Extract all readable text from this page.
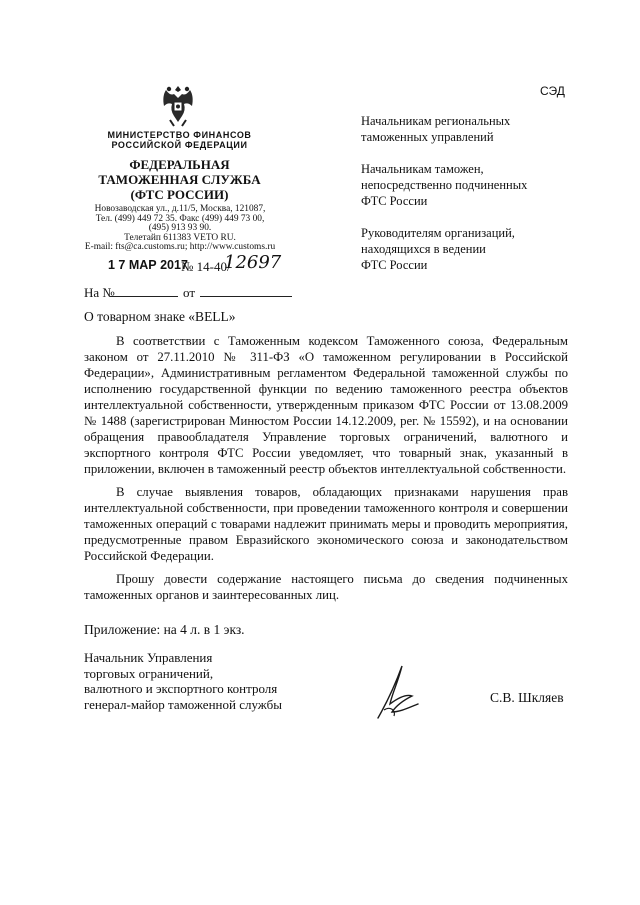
МИНИСТЕРСТВО ФИНАНСОВ
РОССИЙСКОЙ ФЕДЕРАЦИИ
ФЕДЕРАЛЬНАЯ
ТАМОЖЕННАЯ СЛУЖБА
(ФТС РОССИИ)
Новозаводская ул., д.11/5, Москва, 121087,
Тел. (499) 449 72 35. Факс (499) 449 73 00,
(495) 913 93 90.
Телетайп 611383 VETO RU.
E-mail: fts@ca.customs.ru; http://www.customs.ru
1 7 МАР 2017
№ 14-40/
12697
На №	от
СЭД
Начальникам региональных
таможенных управлений
Начальникам таможен,
непосредственно подчиненных
ФТС России
Руководителям организаций,
находящихся в ведении
ФТС России
О товарном знаке «BELL»

В соответствии с Таможенным кодексом Таможенного союза, Федеральным законом от 27.11.2010 № 311-ФЗ «О таможенном регулировании в Российской Федерации», Административным регламентом Федеральной таможенной службы по исполнению государственной функции по ведению таможенного реестра объектов интеллектуальной собственности, утвержденным приказом ФТС России от 13.08.2009 № 1488 (зарегистрирован Минюстом России 14.12.2009, рег. № 15592), и на основании обращения правообладателя Управление торговых ограничений, валютного и экспортного контроля ФТС России уведомляет, что товарный знак, указанный в приложении, включен в таможенный реестр объектов интеллектуальной собственности.

В случае выявления товаров, обладающих признаками нарушения прав интеллектуальной собственности, при проведении таможенного контроля и совершении таможенных операций с товарами надлежит принимать меры и проводить мероприятия, предусмотренные правом Евразийского экономического союза и законодательством Российской Федерации.

Прошу довести содержание настоящего письма до сведения подчиненных таможенных органов и заинтересованных лиц.

Приложение: на 4 л. в 1 экз.
Начальник Управления
торговых ограничений,
валютного и экспортного контроля
генерал-майор таможенной службы	С.В. Шкляев
